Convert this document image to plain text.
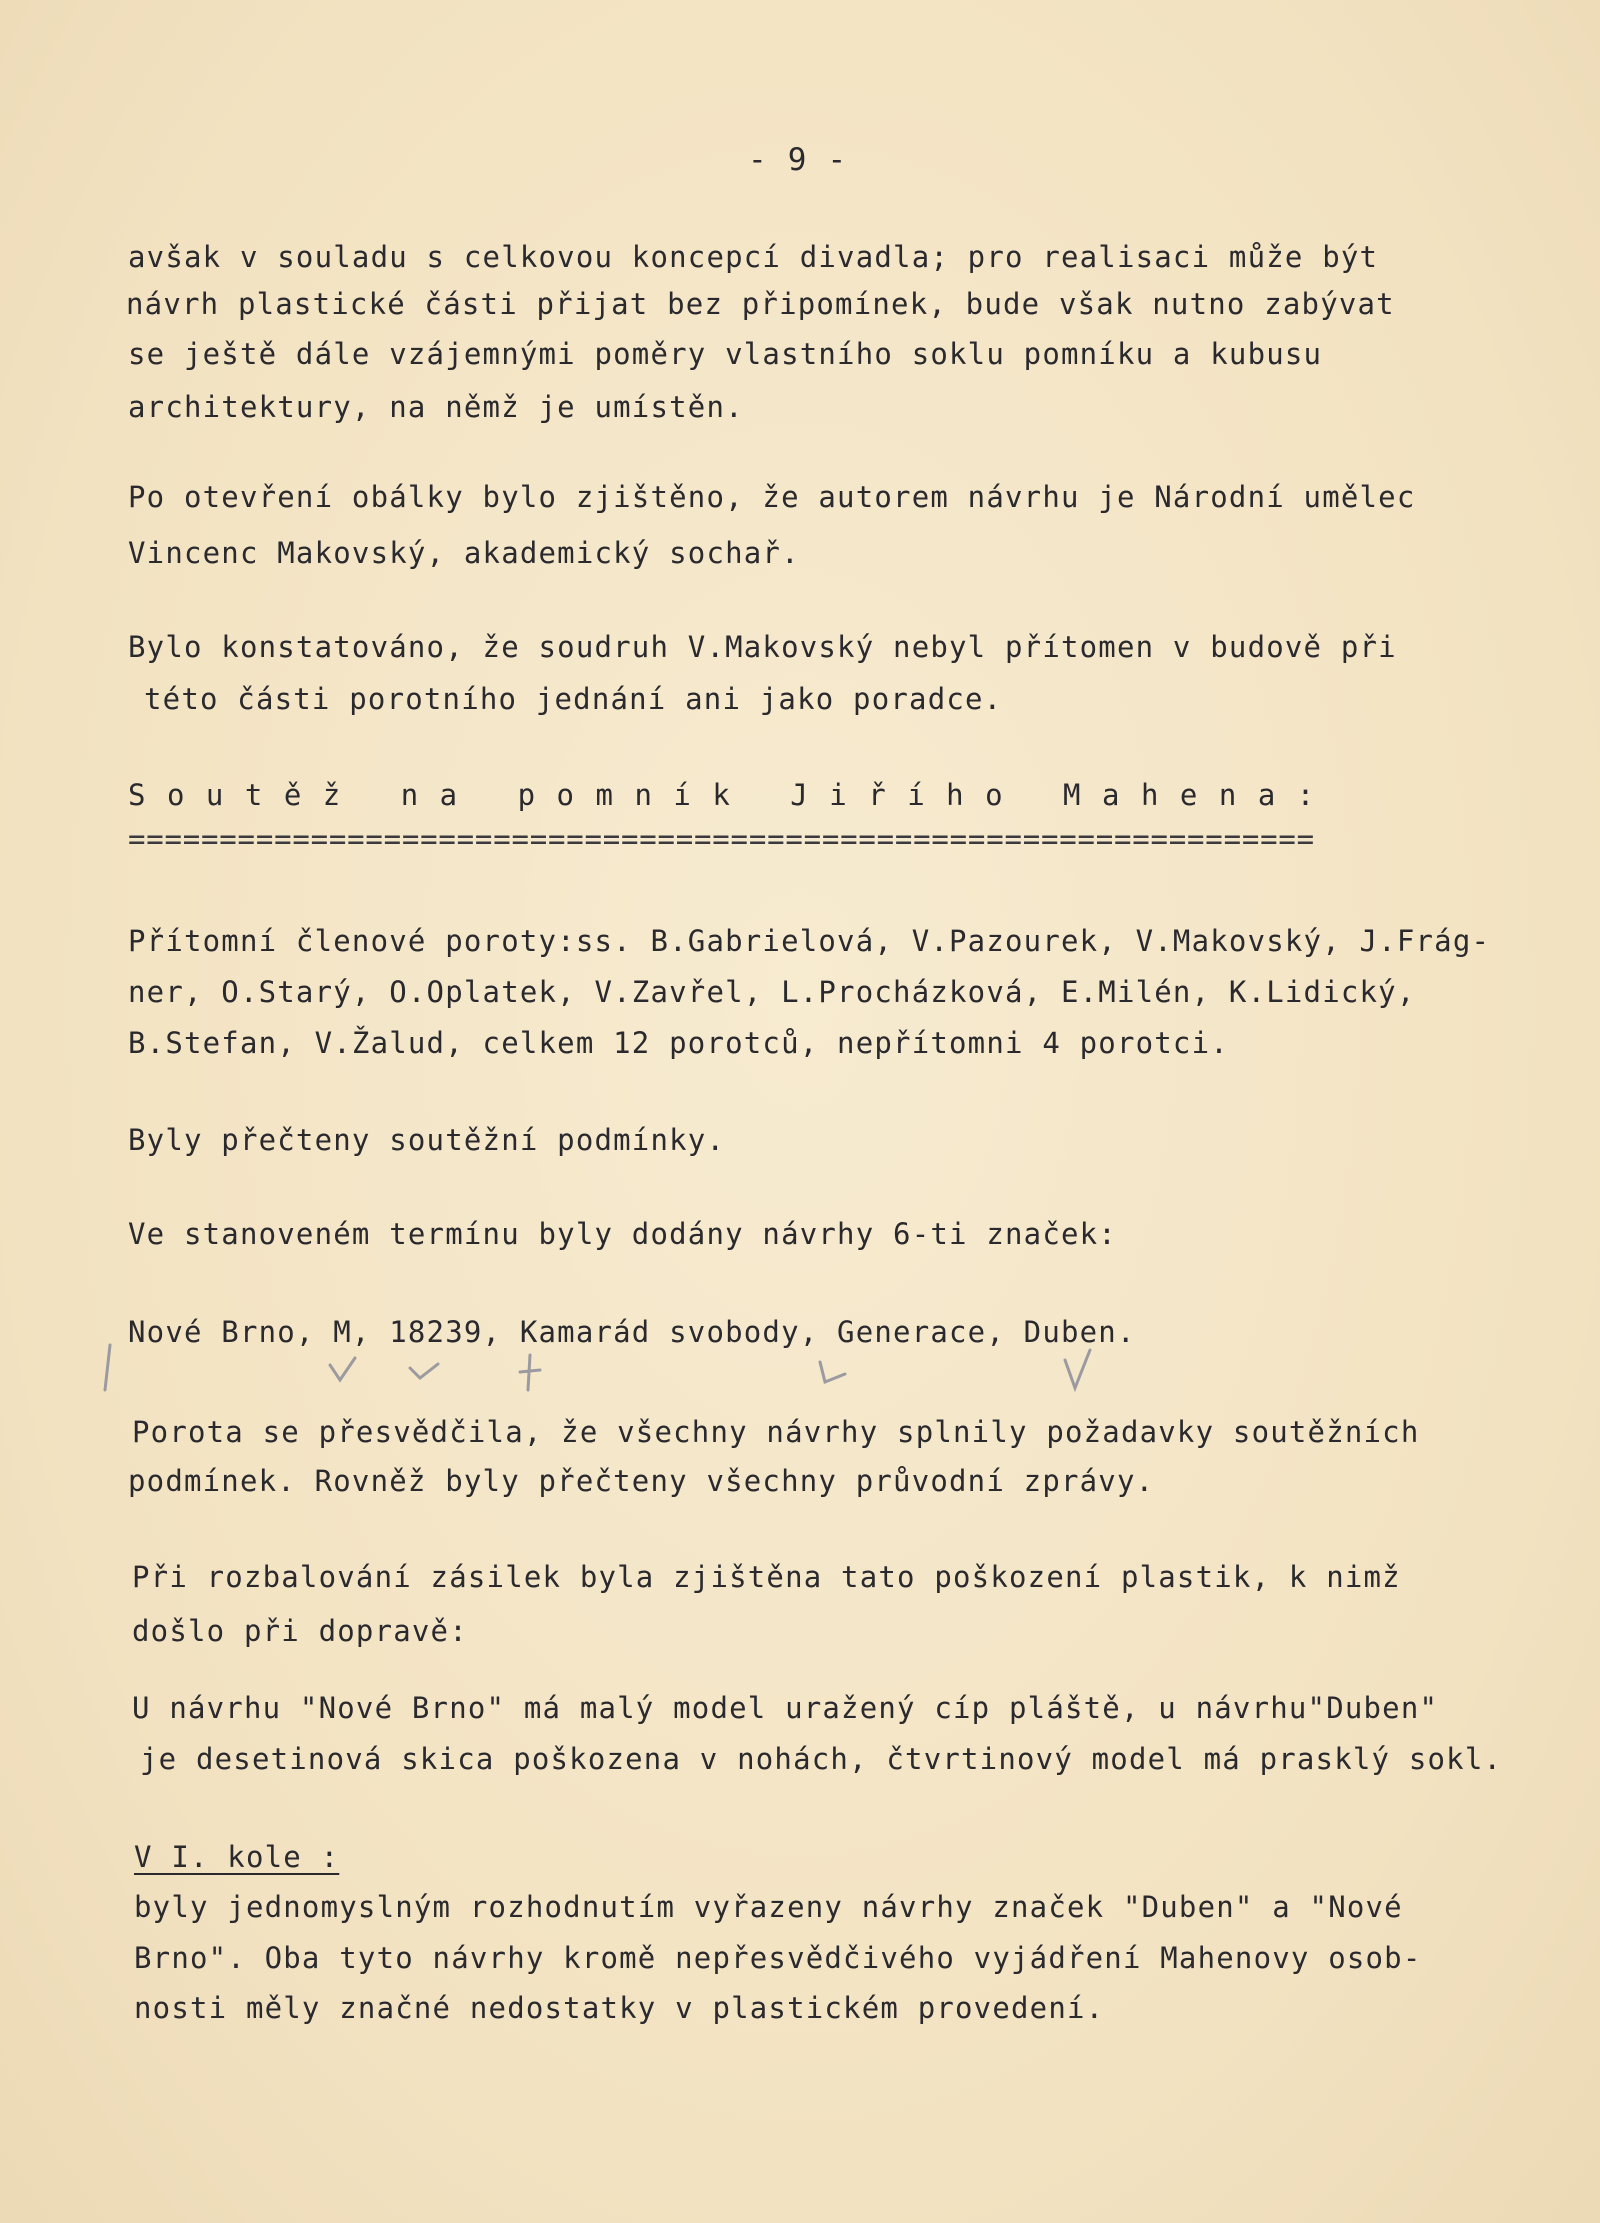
- 9 -
avšak v souladu s celkovou koncepcí divadla; pro realisaci může být
návrh plastické části přijat bez připomínek, bude však nutno zabývat
se ještě dále vzájemnými poměry vlastního soklu pomníku a kubusu
architektury, na němž je umístěn.
Po otevření obálky bylo zjištěno, že autorem návrhu je Národní umělec
Vincenc Makovský, akademický sochař.
Bylo konstatováno, že soudruh V.Makovský nebyl přítomen v budově při
této části porotního jednání ani jako poradce.
Soutěž na pomník Jiřího Mahena:
=================================================================
Přítomní členové poroty:ss. B.Gabrielová, V.Pazourek, V.Makovský, J.Frág-
ner, O.Starý, O.Oplatek, V.Zavřel, L.Procházková, E.Milén, K.Lidický,
B.Stefan, V.Žalud, celkem 12 porotců, nepřítomni 4 porotci.
Byly přečteny soutěžní podmínky.
Ve stanoveném termínu byly dodány návrhy 6-ti značek:
Nové Brno, M, 18239, Kamarád svobody, Generace, Duben.
Porota se přesvědčila, že všechny návrhy splnily požadavky soutěžních
podmínek. Rovněž byly přečteny všechny průvodní zprávy.
Při rozbalování zásilek byla zjištěna tato poškození plastik, k nimž
došlo při dopravě:
U návrhu "Nové Brno" má malý model uražený cíp pláště, u návrhu"Duben"
je desetinová skica poškozena v nohách, čtvrtinový model má prasklý sokl.
V I. kole :
byly jednomyslným rozhodnutím vyřazeny návrhy značek "Duben" a "Nové
Brno". Oba tyto návrhy kromě nepřesvědčivého vyjádření Mahenovy osob-
nosti měly značné nedostatky v plastickém provedení.
